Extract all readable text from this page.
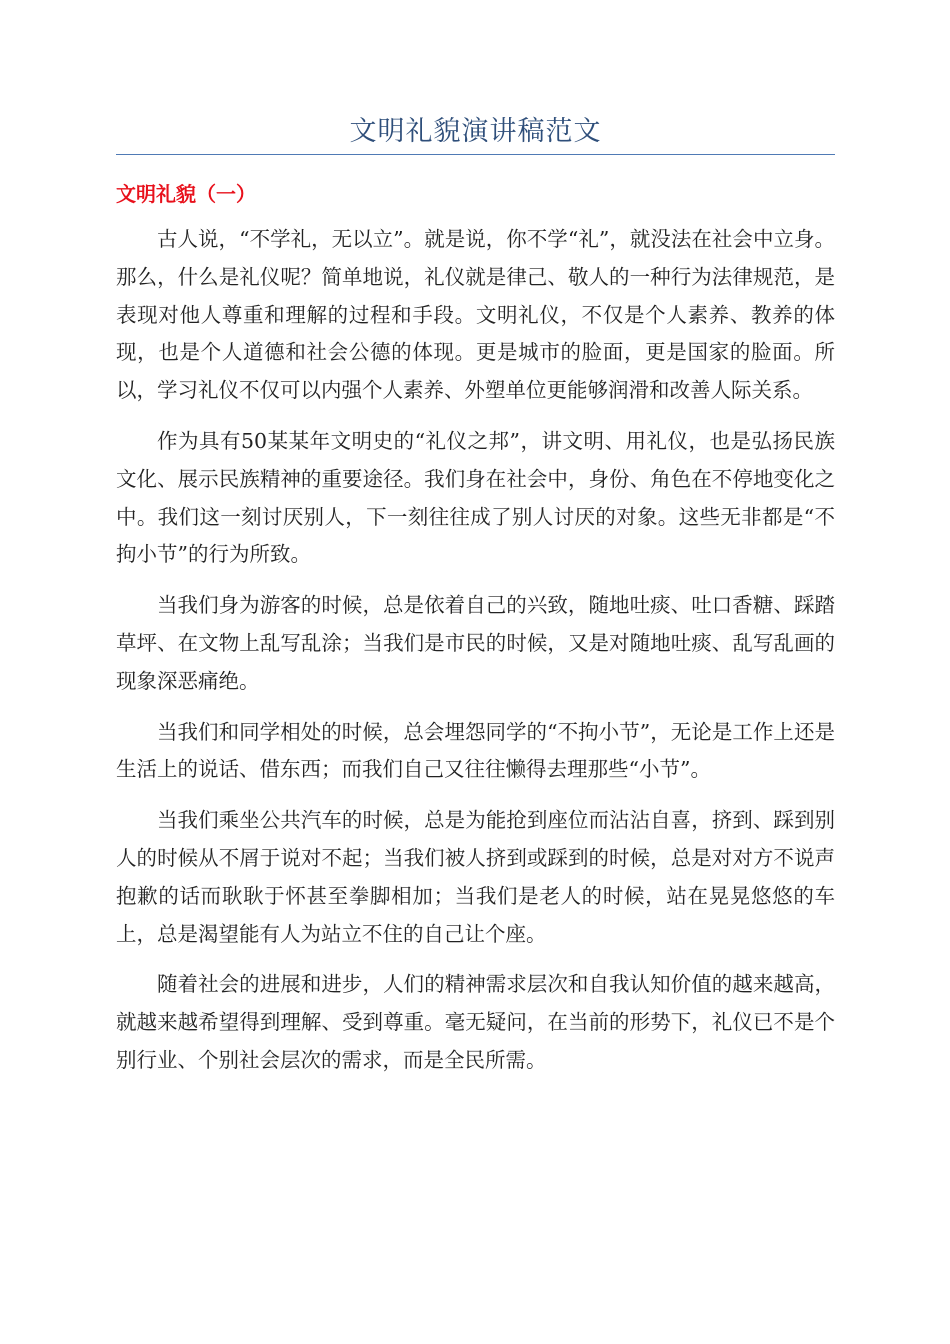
文明礼貌演讲稿范文
文明礼貌（一）

古人说，“不学礼，无以立”。就是说，你不学“礼”，就没法在社会中立身。那么，什么是礼仪呢？简单地说，礼仪就是律己、敬人的一种行为法律规范，是表现对他人尊重和理解的过程和手段。文明礼仪，不仅是个人素养、教养的体现，也是个人道德和社会公德的体现。更是城市的脸面，更是国家的脸面。所以，学习礼仪不仅可以内强个人素养、外塑单位更能够润滑和改善人际关系。

作为具有50某某年文明史的“礼仪之邦”，讲文明、用礼仪，也是弘扬民族文化、展示民族精神的重要途径。我们身在社会中，身份、角色在不停地变化之中。我们这一刻讨厌别人，下一刻往往成了别人讨厌的对象。这些无非都是“不拘小节”的行为所致。

当我们身为游客的时候，总是依着自己的兴致，随地吐痰、吐口香糖、踩踏草坪、在文物上乱写乱涂；当我们是市民的时候，又是对随地吐痰、乱写乱画的现象深恶痛绝。

当我们和同学相处的时候，总会埋怨同学的“不拘小节”，无论是工作上还是生活上的说话、借东西；而我们自己又往往懒得去理那些“小节”。

当我们乘坐公共汽车的时候，总是为能抢到座位而沾沾自喜，挤到、踩到别人的时候从不屑于说对不起；当我们被人挤到或踩到的时候，总是对对方不说声抱歉的话而耿耿于怀甚至拳脚相加；当我们是老人的时候，站在晃晃悠悠的车上，总是渴望能有人为站立不住的自己让个座。

随着社会的进展和进步，人们的精神需求层次和自我认知价值的越来越高，就越来越希望得到理解、受到尊重。毫无疑问，在当前的形势下，礼仪已不是个别行业、个别社会层次的需求，而是全民所需。
